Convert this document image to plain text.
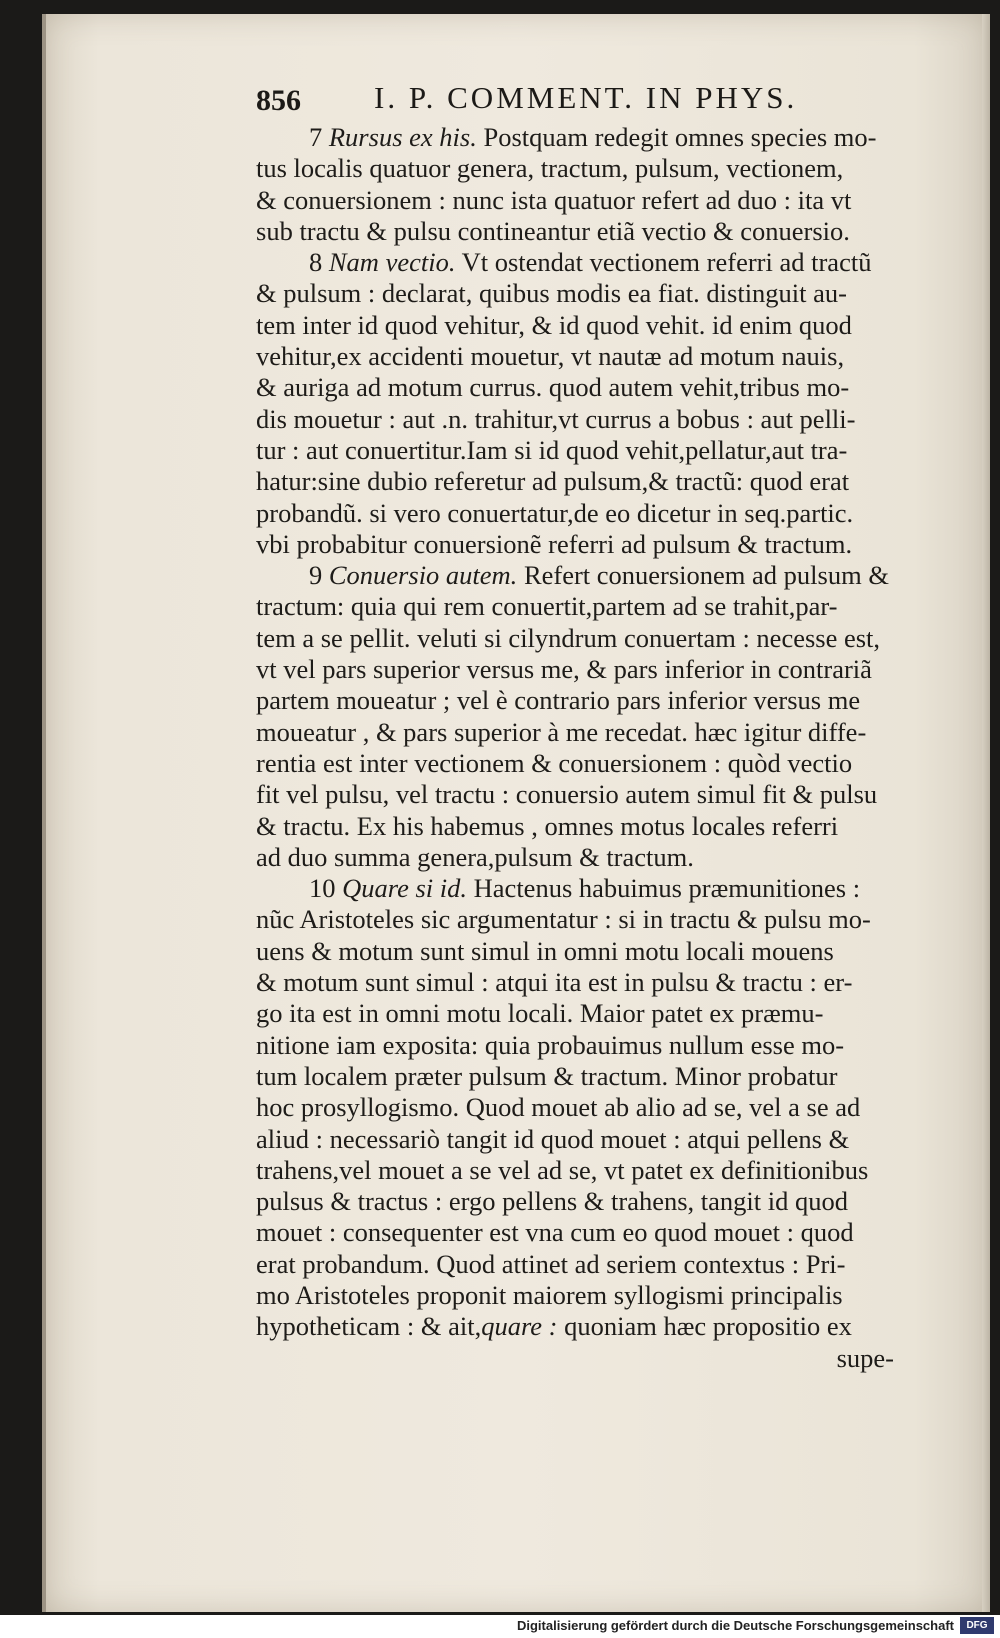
856 I. P. COMMENT. IN PHYS.
  7 Rursus ex his. Postquam redegit omnes species mo-
tus localis quatuor genera, tractum, pulsum, vectionem,
& conuersionem : nunc ista quatuor refert ad duo : ita vt
sub tractu & pulsu contineantur etiã vectio & conuersio.
  8 Nam vectio. Vt ostendat vectionem referri ad tractũ
& pulsum : declarat, quibus modis ea fiat. distinguit au-
tem inter id quod vehitur, & id quod vehit. id enim quod
vehitur,ex accidenti mouetur, vt nautæ ad motum nauis,
& auriga ad motum currus. quod autem vehit,tribus mo-
dis mouetur : aut .n. trahitur,vt currus a bobus : aut pelli-
tur : aut conuertitur.Iam si id quod vehit,pellatur,aut tra-
hatur:sine dubio referetur ad pulsum,& tractũ: quod erat
probandũ. si vero conuertatur,de eo dicetur in seq.partic.
vbi probabitur conuersionẽ referri ad pulsum & tractum.
  9 Conuersio autem. Refert conuersionem ad pulsum &
tractum: quia qui rem conuertit,partem ad se trahit,par-
tem a se pellit. veluti si cilyndrum conuertam : necesse est,
vt vel pars superior versus me, & pars inferior in contrariã
partem moueatur ; vel è contrario pars inferior versus me
moueatur , & pars superior à me recedat. hæc igitur diffe-
rentia est inter vectionem & conuersionem : quòd vectio
fit vel pulsu, vel tractu : conuersio autem simul fit & pulsu
& tractu. Ex his habemus , omnes motus locales referri
ad duo summa genera,pulsum & tractum.
  10 Quare si id. Hactenus habuimus præmunitiones :
nũc Aristoteles sic argumentatur : si in tractu & pulsu mo-
uens & motum sunt simul in omni motu locali mouens
& motum sunt simul : atqui ita est in pulsu & tractu : er-
go ita est in omni motu locali. Maior patet ex præmu-
nitione iam exposita: quia probauimus nullum esse mo-
tum localem præter pulsum & tractum. Minor probatur
hoc prosyllogismo. Quod mouet ab alio ad se, vel a se ad
aliud : necessariò tangit id quod mouet : atqui pellens &
trahens,vel mouet a se vel ad se, vt patet ex definitionibus
pulsus & tractus : ergo pellens & trahens, tangit id quod
mouet : consequenter est vna cum eo quod mouet : quod
erat probandum. Quod attinet ad seriem contextus : Pri-
mo Aristoteles proponit maiorem syllogismi principalis
hypotheticam : & ait,quare : quoniam hæc propositio ex
supe-
Digitalisierung gefördert durch die Deutsche Forschungsgemeinschaft	DFG
